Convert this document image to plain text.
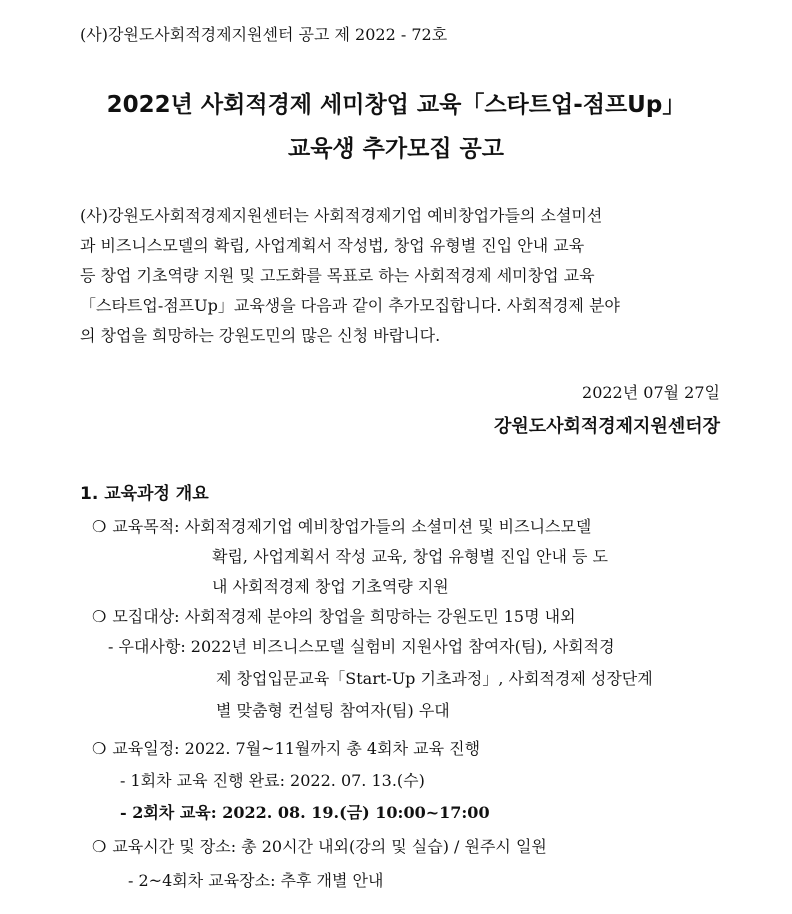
(사)강원도사회적경제지원센터 공고 제 2022 - 72호
2022년 사회적경제 세미창업 교육「스타트업-점프Up」
교육생 추가모집 공고
(사)강원도사회적경제지원센터는 사회적경제기업 예비창업가들의 소셜미션
과 비즈니스모델의 확립, 사업계획서 작성법, 창업 유형별 진입 안내 교육
등 창업 기초역량 지원 및 고도화를 목표로 하는 사회적경제 세미창업 교육
「스타트업-점프Up」교육생을 다음과 같이 추가모집합니다. 사회적경제 분야
의 창업을 희망하는 강원도민의 많은 신청 바랍니다.
2022년 07월 27일
강원도사회적경제지원센터장
1. 교육과정 개요
❍ 교육목적: 사회적경제기업 예비창업가들의 소셜미션 및 비즈니스모델
확립, 사업계획서 작성 교육, 창업 유형별 진입 안내 등 도
내 사회적경제 창업 기초역량 지원
❍ 모집대상: 사회적경제 분야의 창업을 희망하는 강원도민 15명 내외
- 우대사항: 2022년 비즈니스모델 실험비 지원사업 참여자(팀), 사회적경
제 창업입문교육「Start-Up 기초과정」, 사회적경제 성장단계
별 맞춤형 컨설팅 참여자(팀) 우대
❍ 교육일정: 2022. 7월~11월까지 총 4회차 교육 진행
- 1회차 교육 진행 완료: 2022. 07. 13.(수)
- 2회차 교육: 2022. 08. 19.(금) 10:00~17:00
❍ 교육시간 및 장소: 총 20시간 내외(강의 및 실습) / 원주시 일원
- 2~4회차 교육장소: 추후 개별 안내
